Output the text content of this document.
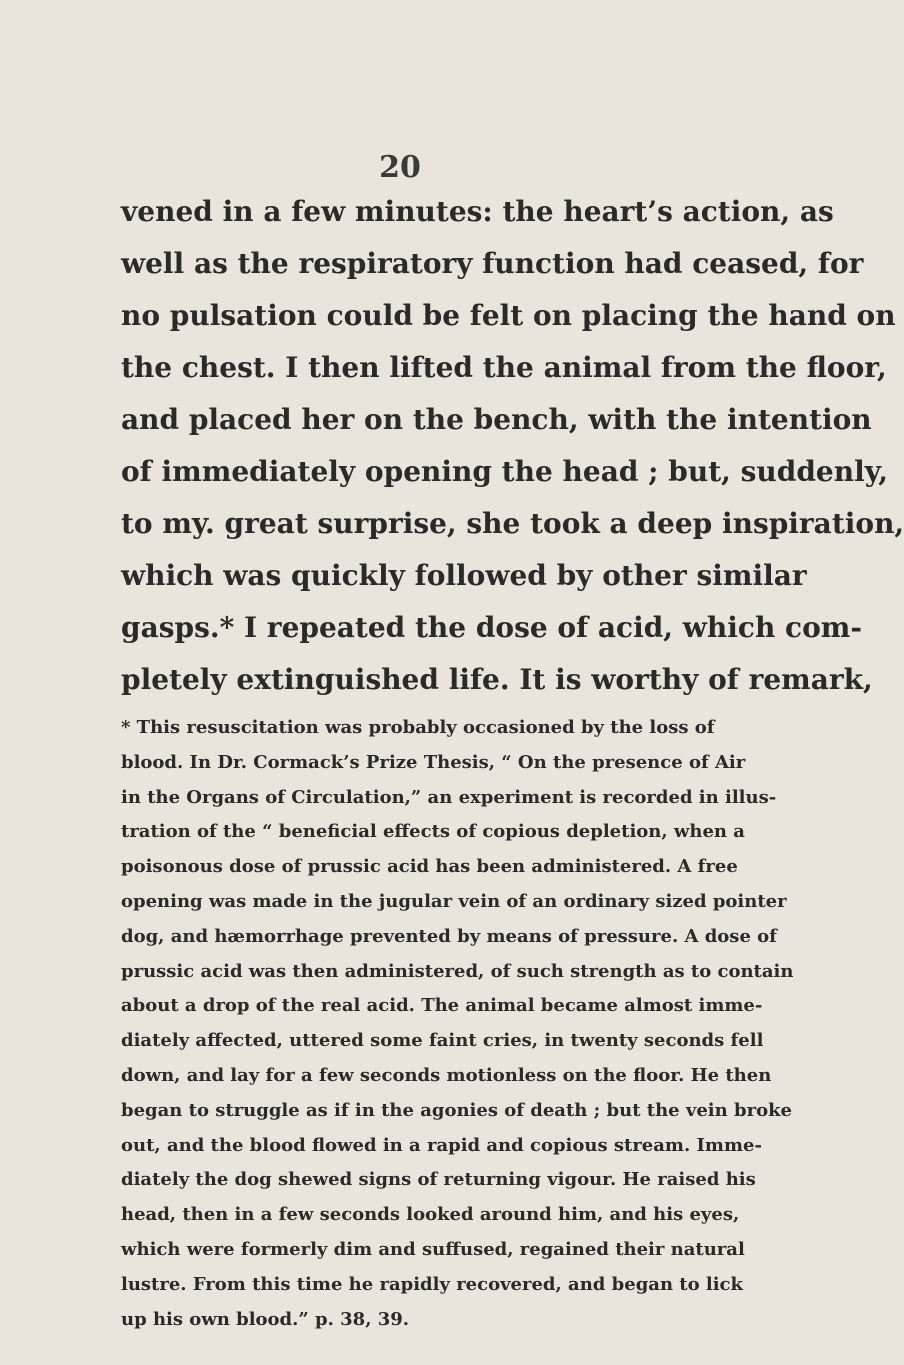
20
vened in a few minutes: the heart’s action, as
well as the respiratory function had ceased, for
no pulsation could be felt on placing the hand on
the chest. I then lifted the animal from the floor,
and placed her on the bench, with the intention
of immediately opening the head ; but, suddenly,
to my. great surprise, she took a deep inspiration,
which was quickly followed by other similar
gasps.* I repeated the dose of acid, which com-
pletely extinguished life. It is worthy of remark,
* This resuscitation was probably occasioned by the loss of
blood. In Dr. Cormack’s Prize Thesis, “ On the presence of Air
in the Organs of Circulation,” an experiment is recorded in illus-
tration of the “ beneficial effects of copious depletion, when a
poisonous dose of prussic acid has been administered. A free
opening was made in the jugular vein of an ordinary sized pointer
dog, and hæmorrhage prevented by means of pressure. A dose of
prussic acid was then administered, of such strength as to contain
about a drop of the real acid. The animal became almost imme-
diately affected, uttered some faint cries, in twenty seconds fell
down, and lay for a few seconds motionless on the floor. He then
began to struggle as if in the agonies of death ; but the vein broke
out, and the blood flowed in a rapid and copious stream. Imme-
diately the dog shewed signs of returning vigour. He raised his
head, then in a few seconds looked around him, and his eyes,
which were formerly dim and suffused, regained their natural
lustre. From this time he rapidly recovered, and began to lick
up his own blood.” p. 38, 39.
